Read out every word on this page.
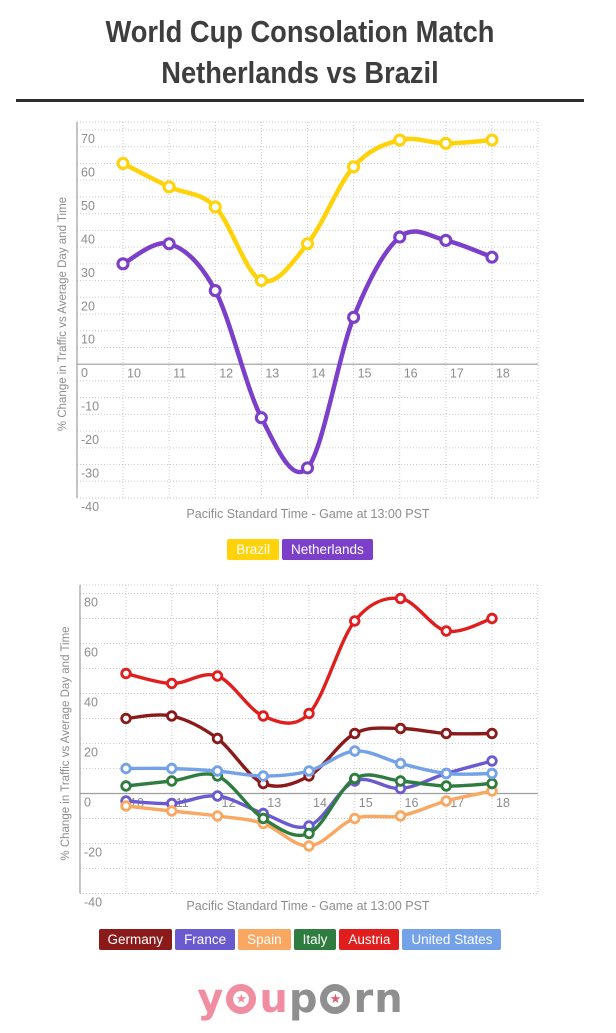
World Cup Consolation Match
Netherlands vs Brazil
70
60
50
40
30
20
10
0
-10
-20
-30
-40
10	11	12	13	14	15	16	17	18
% Change in Traffic vs Average Day and Time
Pacific Standard Time - Game at 13:00 PST
Brazil	Netherlands
80
60
40
20
0
-20
-40
10	11	12	13	14	15	16	17	18
% Change in Traffic vs Average Day and Time
Pacific Standard Time - Game at 13:00 PST
Germany	France	Spain	Italy	Austria	United States
y ★ u p ★ r n
